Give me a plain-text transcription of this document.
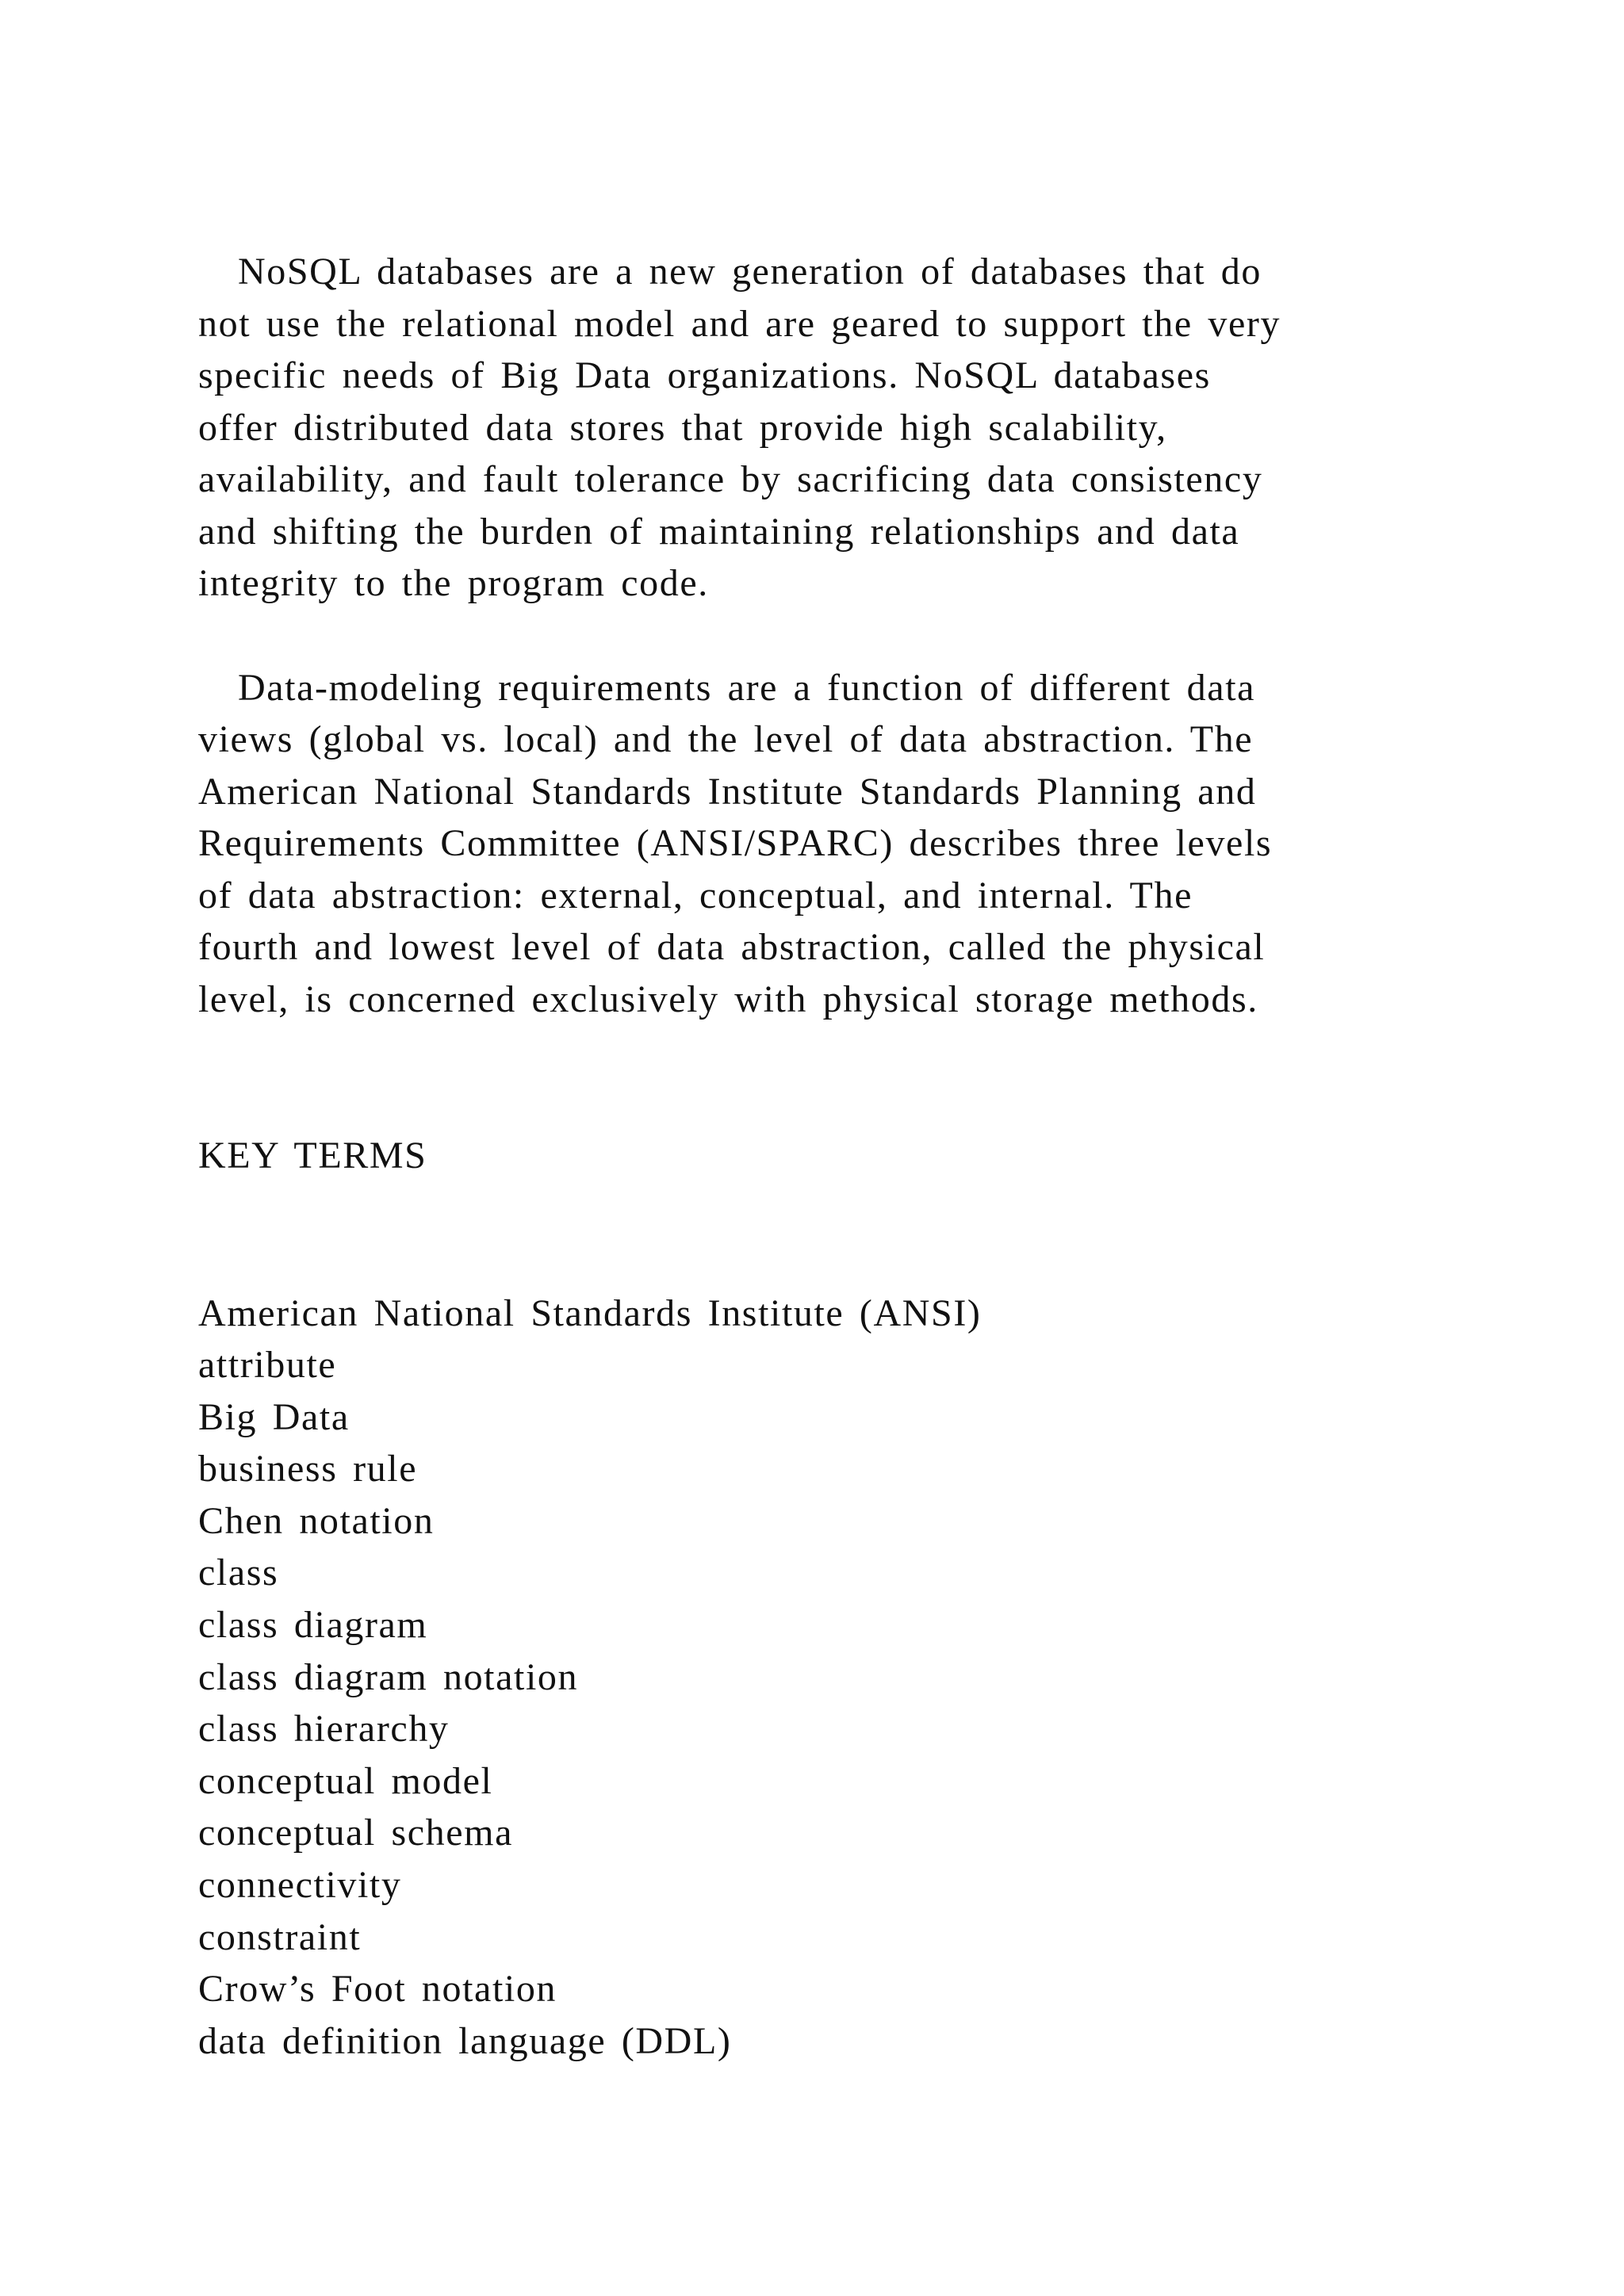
NoSQL databases are a new generation of databases that do
not use the relational model and are geared to support the very
specific needs of Big Data organizations. NoSQL databases
offer distributed data stores that provide high scalability,
availability, and fault tolerance by sacrificing data consistency
and shifting the burden of maintaining relationships and data
integrity to the program code.

Data-modeling requirements are a function of different data
views (global vs. local) and the level of data abstraction. The
American National Standards Institute Standards Planning and
Requirements Committee (ANSI/SPARC) describes three levels
of data abstraction: external, conceptual, and internal. The
fourth and lowest level of data abstraction, called the physical
level, is concerned exclusively with physical storage methods.

KEY TERMS
American National Standards Institute (ANSI)
attribute
Big Data
business rule
Chen notation
class
class diagram
class diagram notation
class hierarchy
conceptual model
conceptual schema
connectivity
constraint
Crow’s Foot notation
data definition language (DDL)
